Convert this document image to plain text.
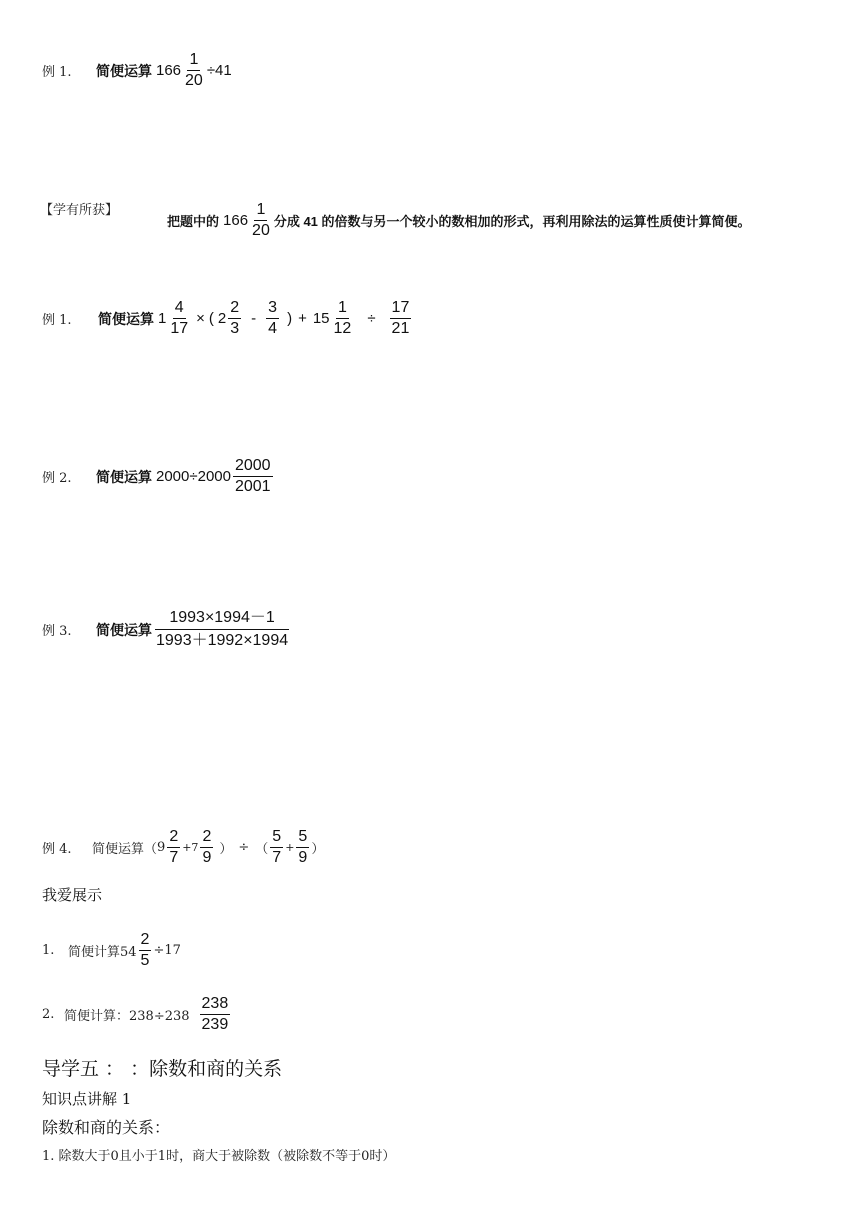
例 1.	简便运算 $166 \frac{1}{20} \div 41$
【学有所获】
把题中的 $166 \frac{1}{20}$ 分成 41 的倍数与另一个较小的数相加的形式，再利用除法的运算性质使计算简便。
例 1.	简便运算 $1 \frac{4}{17}$ × ( $2 \frac{2}{3} - \frac{3}{4}$ ) + $15 \frac{1}{12} \div \frac{17}{21}$
例 2.	简便运算 $2000\div 2000 \frac{2000}{2001}$
例 3.	简便运算 $\frac{1993\times 1994-1}{1993+1992\times 1994}$
例 4.	简便运算 （ $9 \frac{2}{7} +7 \frac{2}{9}$ ） ÷ （ $\frac{5}{7} + \frac{5}{9}$ ）
我爱展示
1.	简便计算$54 \frac{2}{5} \div 17$
2. 简便计算：$238\div 238 \frac{238}{239}$
导学五 ： ：除数和商的关系
知识点讲解 1
除数和商的关系：
1. 除数大于0且小于1时，商大于被除数（被除数不等于0时）
